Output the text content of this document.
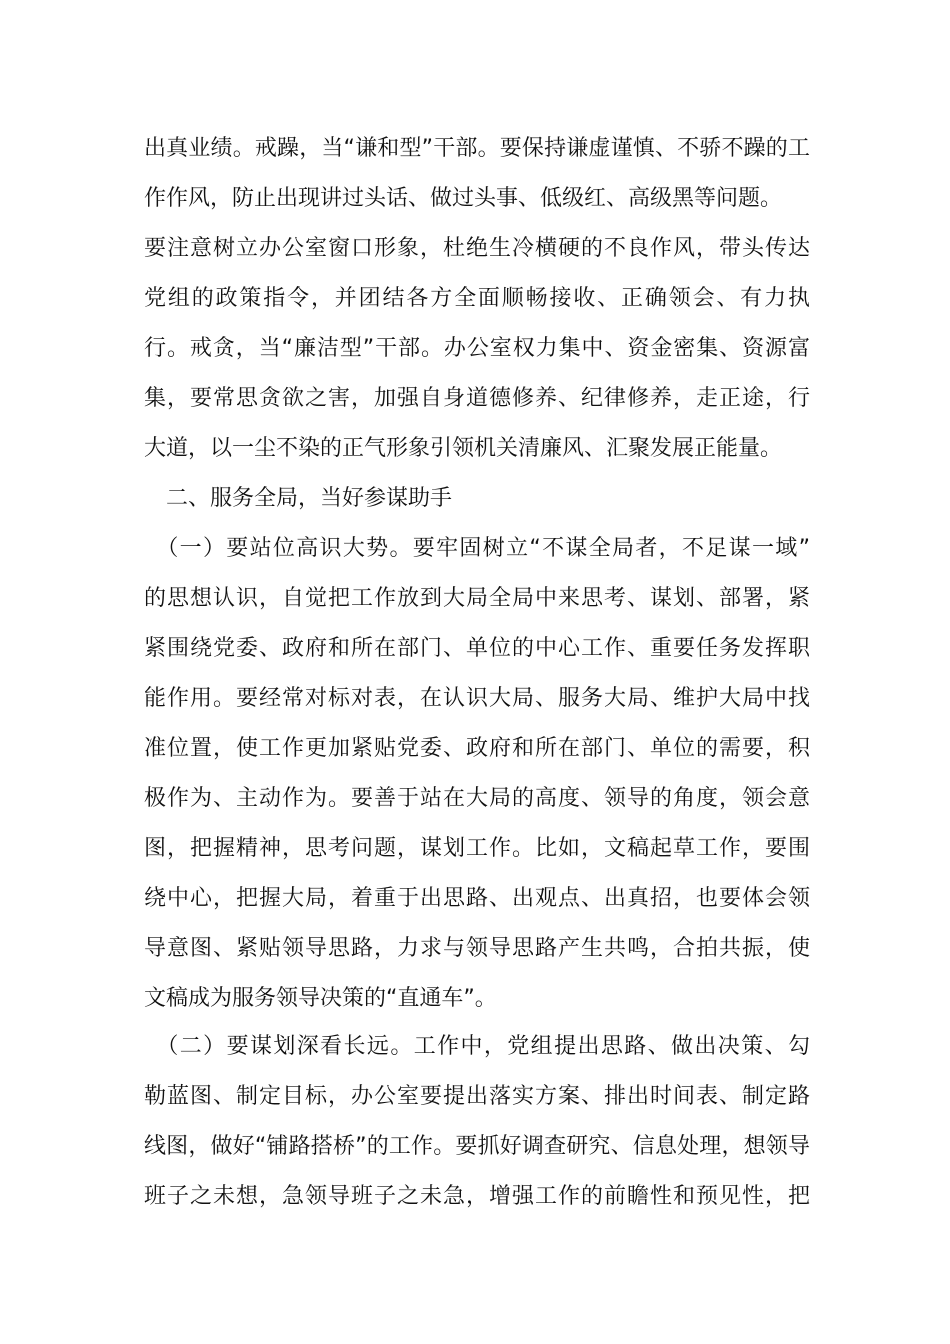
出真业绩。戒躁，当“谦和型”干部。要保持谦虚谨慎、不骄不躁的工
作作风，防止出现讲过头话、做过头事、低级红、高级黑等问题。
要注意树立办公室窗口形象，杜绝生冷横硬的不良作风，带头传达
党组的政策指令，并团结各方全面顺畅接收、正确领会、有力执
行。戒贪，当“廉洁型”干部。办公室权力集中、资金密集、资源富
集，要常思贪欲之害，加强自身道德修养、纪律修养，走正途，行
大道，以一尘不染的正气形象引领机关清廉风、汇聚发展正能量。
　二、服务全局，当好参谋助手
　（一）要站位高识大势。要牢固树立“不谋全局者，不足谋一域”
的思想认识，自觉把工作放到大局全局中来思考、谋划、部署，紧
紧围绕党委、政府和所在部门、单位的中心工作、重要任务发挥职
能作用。要经常对标对表，在认识大局、服务大局、维护大局中找
准位置，使工作更加紧贴党委、政府和所在部门、单位的需要，积
极作为、主动作为。要善于站在大局的高度、领导的角度，领会意
图，把握精神，思考问题，谋划工作。比如，文稿起草工作，要围
绕中心，把握大局，着重于出思路、出观点、出真招，也要体会领
导意图、紧贴领导思路，力求与领导思路产生共鸣，合拍共振，使
文稿成为服务领导决策的“直通车”。
　（二）要谋划深看长远。工作中，党组提出思路、做出决策、勾
勒蓝图、制定目标，办公室要提出落实方案、排出时间表、制定路
线图，做好“铺路搭桥”的工作。要抓好调查研究、信息处理，想领导
班子之未想，急领导班子之未急，增强工作的前瞻性和预见性，把
